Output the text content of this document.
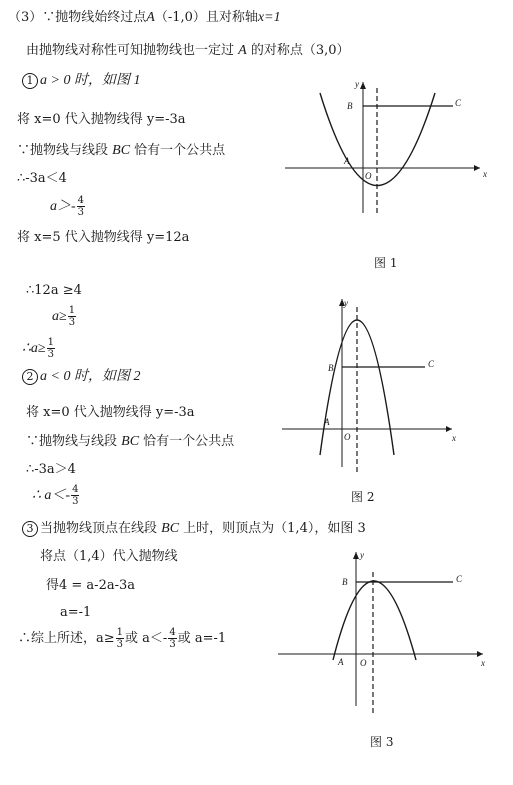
（3）∵抛物线始终过点A（-1,0）且对称轴x=1
由抛物线对称性可知抛物线也一定过 A 的对称点（3,0）
1 a > 0 时，如图 1
将 x=0 代入抛物线得 y=-3a
∵抛物线与线段 BC 恰有一个公共点
∴-3a＜4
$a>- \frac{4}{3}$
将 x=5 代入抛物线得 y=12a
y
x
B	C
A
O
图 1
∴12a ≥4
$a\ge \frac{1}{3}$
∴a≥ $\frac{1}{3}$
2 a < 0 时，如图 2
将 x=0 代入抛物线得 y=-3a
∵抛物线与线段 BC 恰有一个公共点
∴-3a＞4
∴ $a<- \frac{4}{3}$
y
x
B	C
A
O
图 2
3 当抛物线顶点在线段 BC 上时，则顶点为（1,4），如图 3
将点（1,4）代入抛物线
得4 = a-2a-3a
a=-1
∴综上所述，$a\ge \frac{1}{3}$ 或 $a<- \frac{4}{3}$ 或 a=-1
y
x
B	C
A O
图 3
